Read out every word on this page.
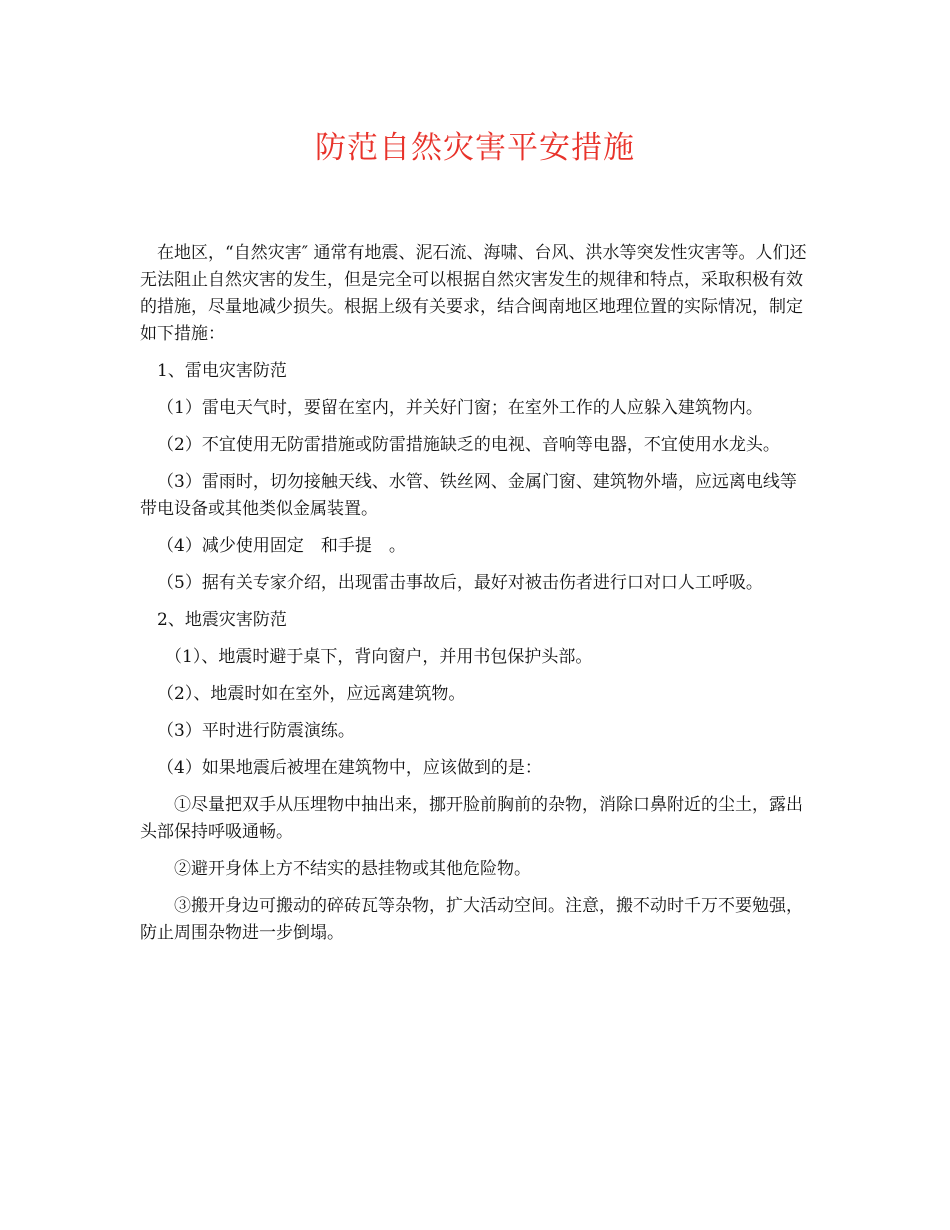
防范自然灾害平安措施

在地区，“自然灾害″ 通常有地震、泥石流、海啸、台风、洪水等突发性灾害等。人们还无法阻止自然灾害的发生，但是完全可以根据自然灾害发生的规律和特点，采取积极有效的措施，尽量地减少损失。根据上级有关要求，结合闽南地区地理位置的实际情况，制定如下措施：

1、雷电灾害防范

（1）雷电天气时，要留在室内，并关好门窗；在室外工作的人应躲入建筑物内。

（2）不宜使用无防雷措施或防雷措施缺乏的电视、音响等电器，不宜使用水龙头。

（3）雷雨时，切勿接触天线、水管、铁丝网、金属门窗、建筑物外墙，应远离电线等带电设备或其他类似金属装置。

（4）减少使用固定　和手提　。

（5）据有关专家介绍，出现雷击事故后，最好对被击伤者进行口对口人工呼吸。

2、地震灾害防范

（1）、地震时避于桌下，背向窗户，并用书包保护头部。

（2）、地震时如在室外，应远离建筑物。

（3）平时进行防震演练。

（4）如果地震后被埋在建筑物中，应该做到的是：

①尽量把双手从压埋物中抽出来，挪开脸前胸前的杂物，消除口鼻附近的尘土，露出头部保持呼吸通畅。

②避开身体上方不结实的悬挂物或其他危险物。

③搬开身边可搬动的碎砖瓦等杂物，扩大活动空间。注意，搬不动时千万不要勉强，防止周围杂物进一步倒塌。
